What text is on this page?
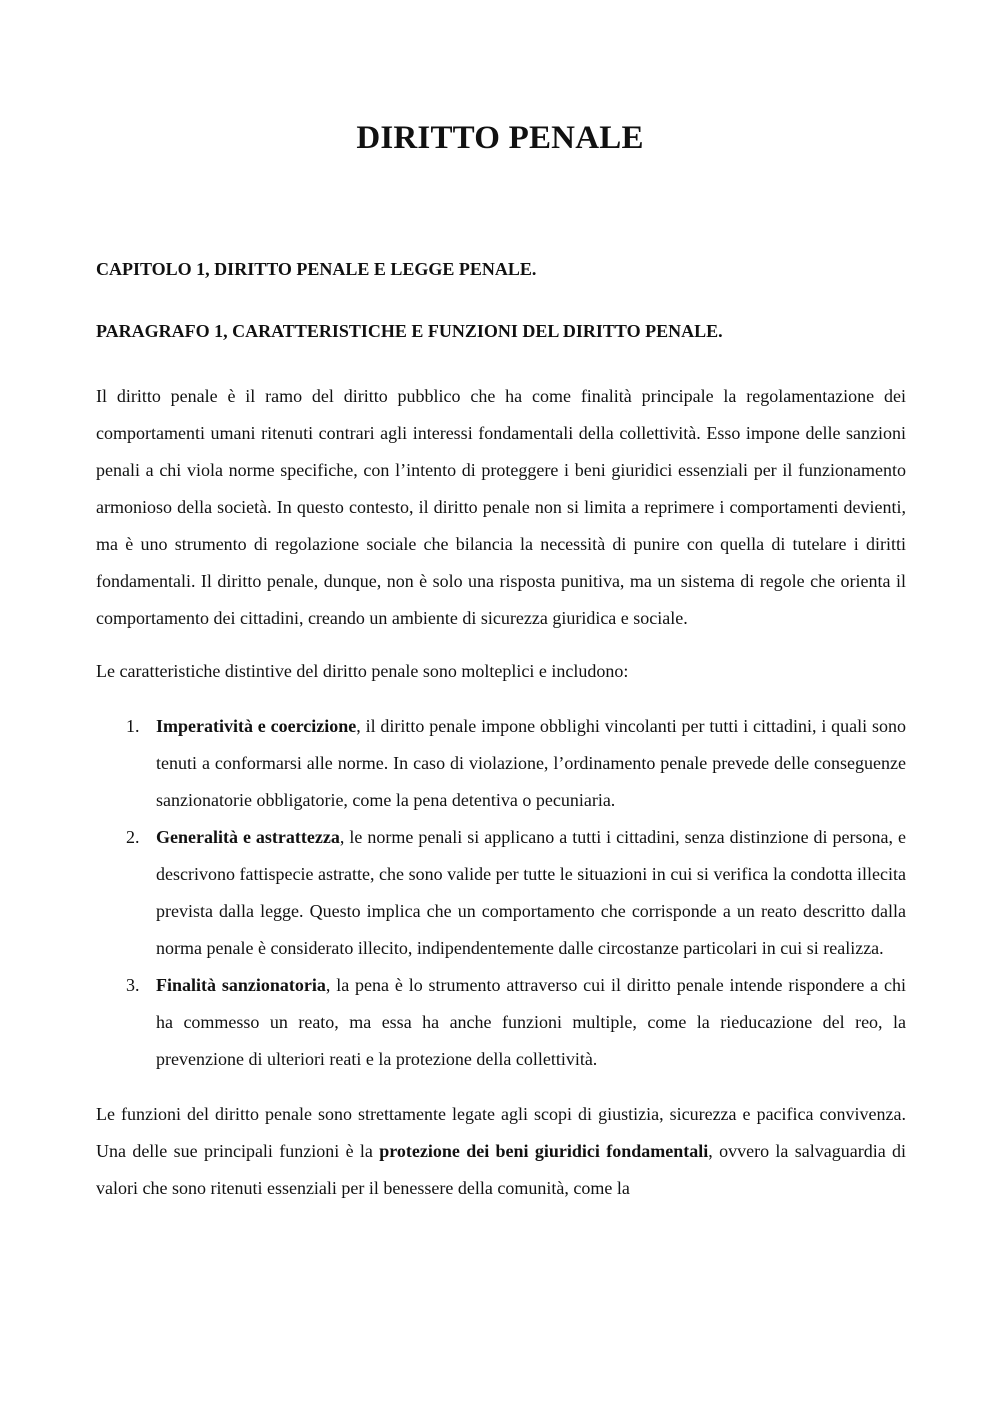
DIRITTO PENALE
CAPITOLO 1, DIRITTO PENALE E LEGGE PENALE.
PARAGRAFO 1, CARATTERISTICHE E FUNZIONI DEL DIRITTO PENALE.

Il diritto penale è il ramo del diritto pubblico che ha come finalità principale la regolamentazione dei comportamenti umani ritenuti contrari agli interessi fondamentali della collettività. Esso impone delle sanzioni penali a chi viola norme specifiche, con l’intento di proteggere i beni giuridici essenziali per il funzionamento armonioso della società. In questo contesto, il diritto penale non si limita a reprimere i comportamenti devienti, ma è uno strumento di regolazione sociale che bilancia la necessità di punire con quella di tutelare i diritti fondamentali. Il diritto penale, dunque, non è solo una risposta punitiva, ma un sistema di regole che orienta il comportamento dei cittadini, creando un ambiente di sicurezza giuridica e sociale.

Le caratteristiche distintive del diritto penale sono molteplici e includono:

1. Imperatività e coercizione, il diritto penale impone obblighi vincolanti per tutti i cittadini, i quali sono tenuti a conformarsi alle norme. In caso di violazione, l’ordinamento penale prevede delle conseguenze sanzionatorie obbligatorie, come la pena detentiva o pecuniaria.
2. Generalità e astrattezza, le norme penali si applicano a tutti i cittadini, senza distinzione di persona, e descrivono fattispecie astratte, che sono valide per tutte le situazioni in cui si verifica la condotta illecita prevista dalla legge. Questo implica che un comportamento che corrisponde a un reato descritto dalla norma penale è considerato illecito, indipendentemente dalle circostanze particolari in cui si realizza.
3. Finalità sanzionatoria, la pena è lo strumento attraverso cui il diritto penale intende rispondere a chi ha commesso un reato, ma essa ha anche funzioni multiple, come la rieducazione del reo, la prevenzione di ulteriori reati e la protezione della collettività.

Le funzioni del diritto penale sono strettamente legate agli scopi di giustizia, sicurezza e pacifica convivenza. Una delle sue principali funzioni è la protezione dei beni giuridici fondamentali, ovvero la salvaguardia di valori che sono ritenuti essenziali per il benessere della comunità, come la
